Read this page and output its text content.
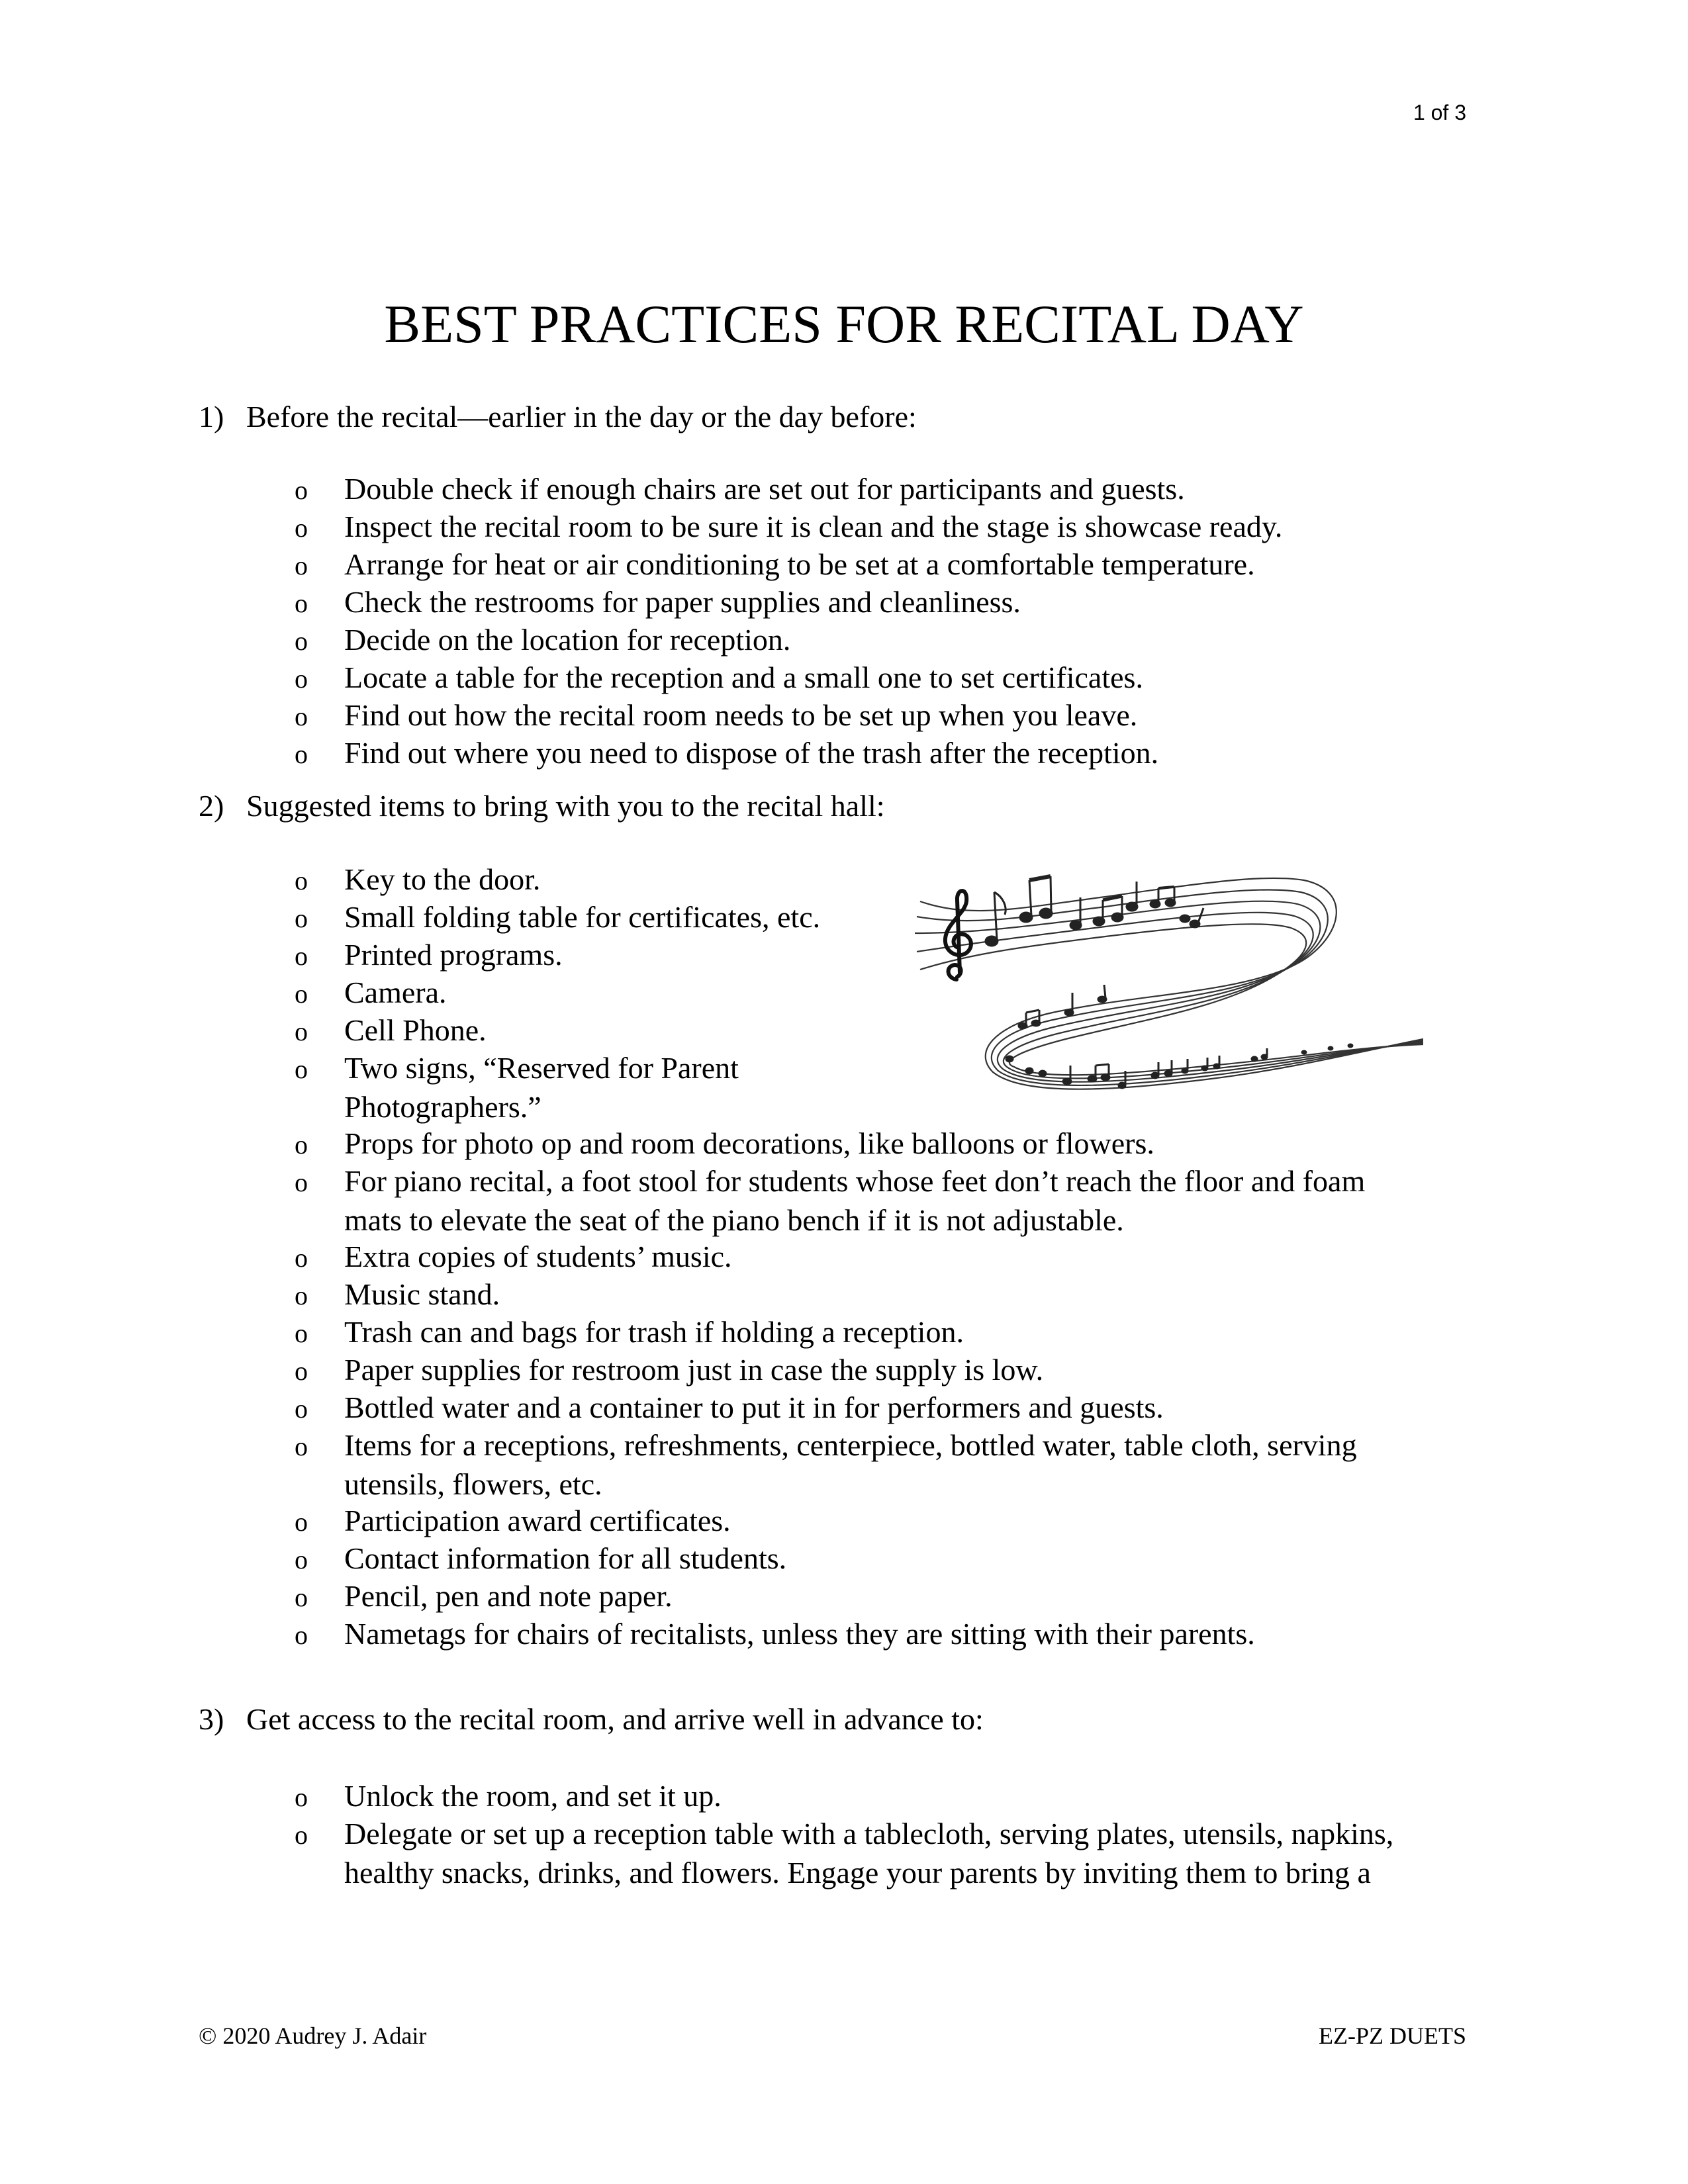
1 of 3
BEST PRACTICES FOR RECITAL DAY
1) Before the recital—earlier in the day or the day before:
o Double check if enough chairs are set out for participants and guests.
o Inspect the recital room to be sure it is clean and the stage is showcase ready.
o Arrange for heat or air conditioning to be set at a comfortable temperature.
o Check the restrooms for paper supplies and cleanliness.
o Decide on the location for reception.
o Locate a table for the reception and a small one to set certificates.
o Find out how the recital room needs to be set up when you leave.
o Find out where you need to dispose of the trash after the reception.
2) Suggested items to bring with you to the recital hall:
o Key to the door.
o Small folding table for certificates, etc.
o Printed programs.
o Camera.
o Cell Phone.
o Two signs, “Reserved for Parent
Photographers.”
o Props for photo op and room decorations, like balloons or flowers.
o For piano recital, a foot stool for students whose feet don’t reach the floor and foam
mats to elevate the seat of the piano bench if it is not adjustable.
o Extra copies of students’ music.
o Music stand.
o Trash can and bags for trash if holding a reception.
o Paper supplies for restroom just in case the supply is low.
o Bottled water and a container to put it in for performers and guests.
o Items for a receptions, refreshments, centerpiece, bottled water, table cloth, serving
utensils, flowers, etc.
o Participation award certificates.
o Contact information for all students.
o Pencil, pen and note paper.
o Nametags for chairs of recitalists, unless they are sitting with their parents.
3) Get access to the recital room, and arrive well in advance to:
o Unlock the room, and set it up.
o Delegate or set up a reception table with a tablecloth, serving plates, utensils, napkins,
healthy snacks, drinks, and flowers. Engage your parents by inviting them to bring a
© 2020 Audrey J. Adair	EZ-PZ DUETS
